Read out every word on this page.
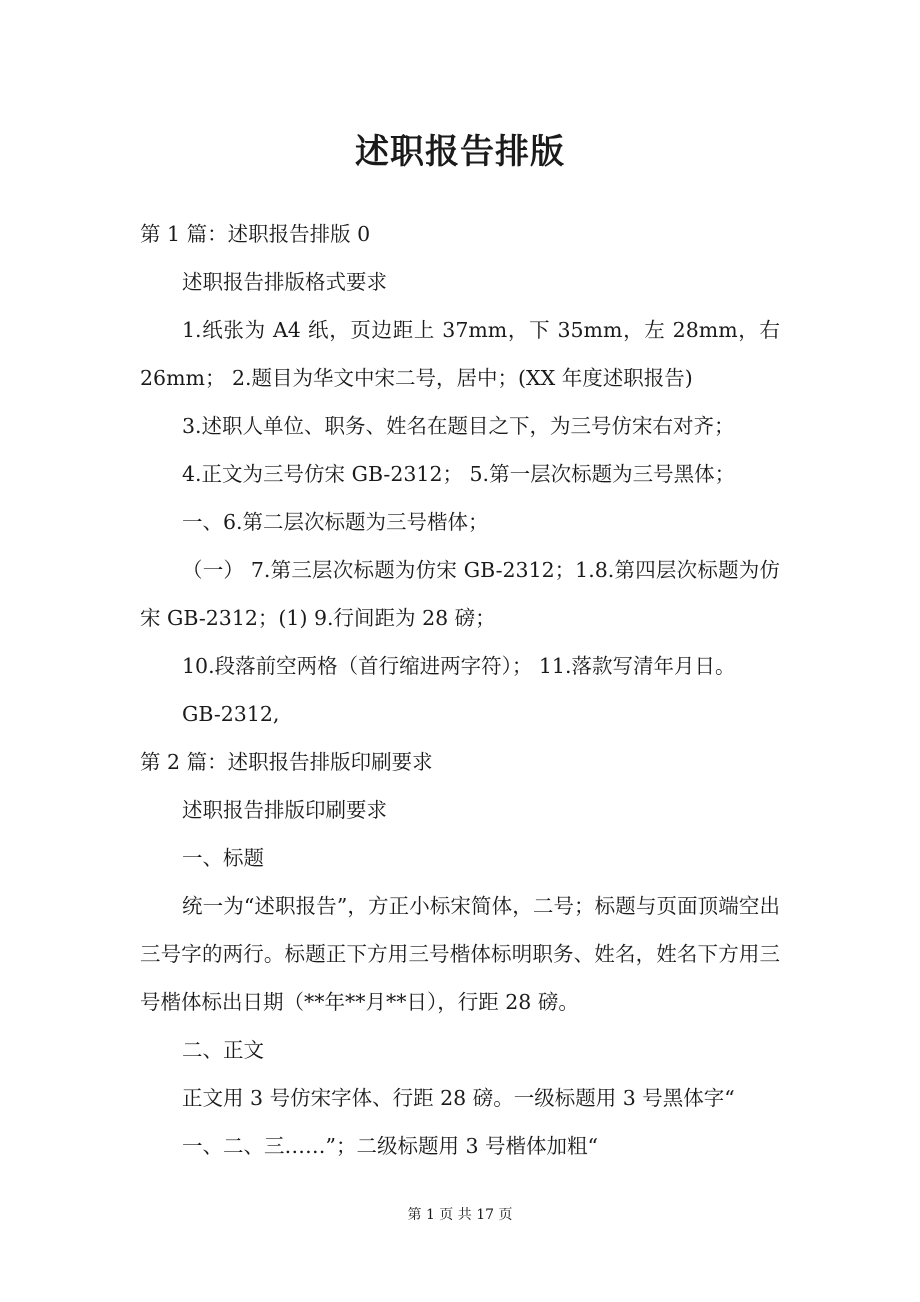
述职报告排版

第 1 篇：述职报告排版 0

述职报告排版格式要求

1.纸张为 A4 纸，页边距上 37mm，下 35mm，左 28mm，右 26mm； 2.题目为华文中宋二号，居中；(XX 年度述职报告)

3.述职人单位、职务、姓名在题目之下，为三号仿宋右对齐；

4.正文为三号仿宋 GB-2312； 5.第一层次标题为三号黑体；

一、6.第二层次标题为三号楷体；

（一） 7.第三层次标题为仿宋 GB-2312；1.8.第四层次标题为仿宋 GB-2312；(1) 9.行间距为 28 磅；

10.段落前空两格（首行缩进两字符）； 11.落款写清年月日。

GB-2312,

第 2 篇：述职报告排版印刷要求

述职报告排版印刷要求

一、标题

统一为“述职报告”，方正小标宋简体，二号；标题与页面顶端空出三号字的两行。标题正下方用三号楷体标明职务、姓名，姓名下方用三号楷体标出日期（**年**月**日），行距 28 磅。

二、正文

正文用 3 号仿宋字体、行距 28 磅。一级标题用 3 号黑体字“

一、二、三……”；二级标题用 3 号楷体加粗“

第 1 页 共 17 页
